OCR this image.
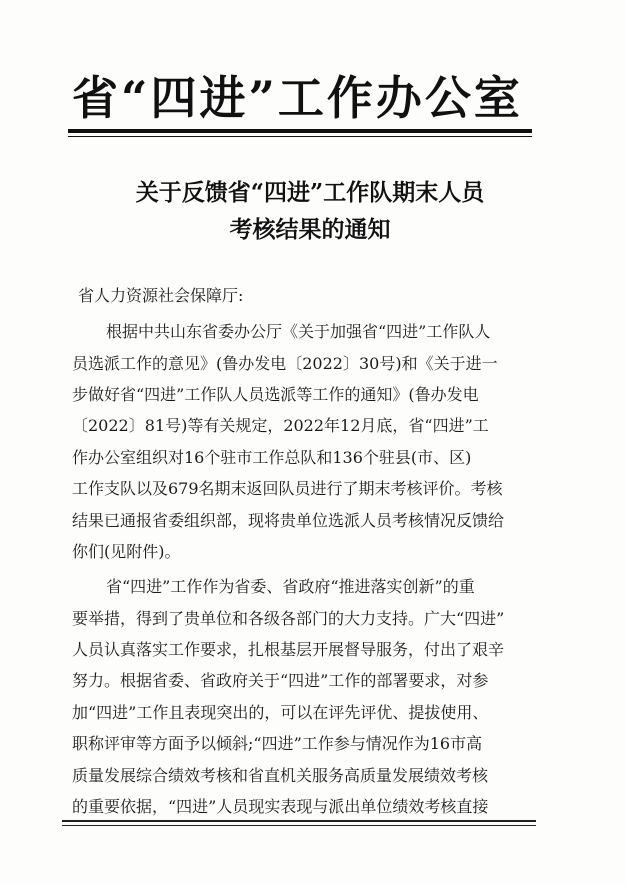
省“四进”工作办公室
关于反馈省“四进”工作队期末人员
考核结果的通知
省人力资源社会保障厅:
根据中共山东省委办公厅《关于加强省“四进”工作队人
员选派工作的意见》(鲁办发电〔2022〕30号)和《关于进一
步做好省“四进”工作队人员选派等工作的通知》(鲁办发电
〔2022〕81号)等有关规定，2022年12月底，省“四进”工
作办公室组织对16个驻市工作总队和136个驻县(市、区)
工作支队以及679名期末返回队员进行了期末考核评价。考核
结果已通报省委组织部，现将贵单位选派人员考核情况反馈给
你们(见附件)。
省“四进”工作作为省委、省政府“推进落实创新”的重
要举措，得到了贵单位和各级各部门的大力支持。广大“四进”
人员认真落实工作要求，扎根基层开展督导服务，付出了艰辛
努力。根据省委、省政府关于“四进”工作的部署要求，对参
加“四进”工作且表现突出的，可以在评先评优、提拔使用、
职称评审等方面予以倾斜;“四进”工作参与情况作为16市高
质量发展综合绩效考核和省直机关服务高质量发展绩效考核
的重要依据，“四进”人员现实表现与派出单位绩效考核直接
